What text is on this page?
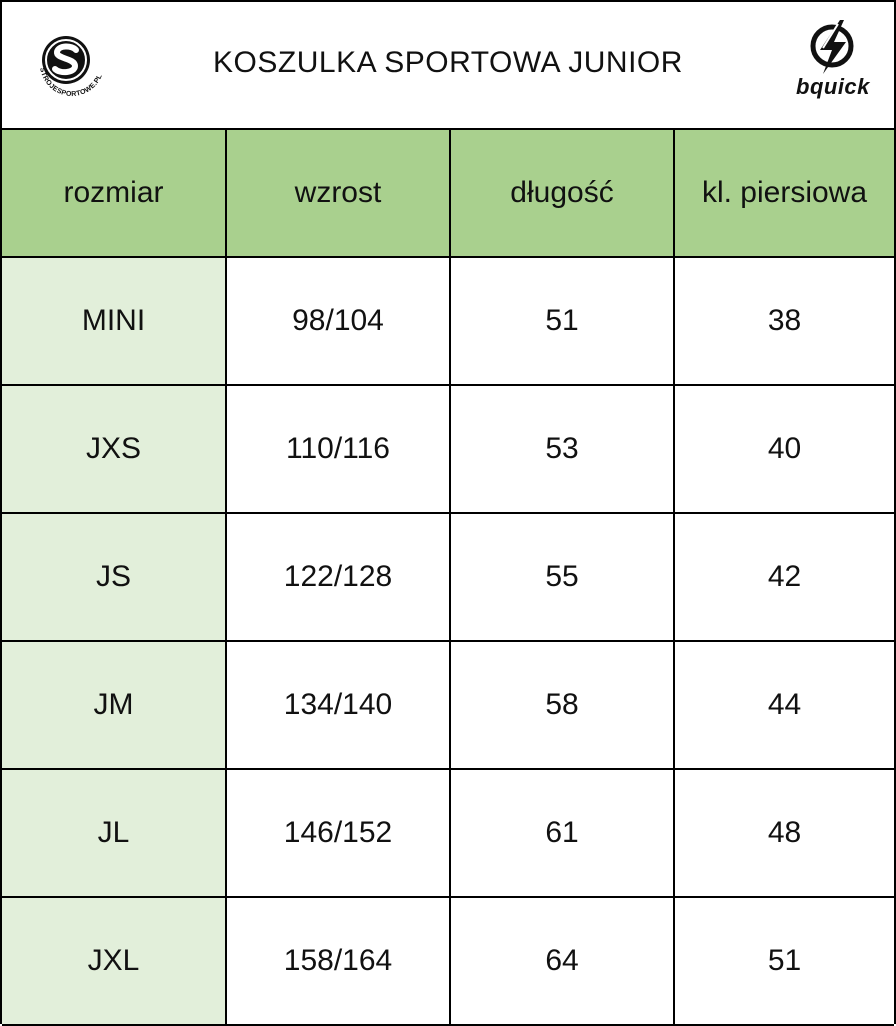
STROJESPORTOWE.PL	KOSZULKA SPORTOWA JUNIOR
bquick
rozmiar	wzrost	długość	kl. piersiowa
MINI	98/104	51	38
JXS	110/116	53	40
JS	122/128	55	42
JM	134/140	58	44
JL	146/152	61	48
JXL	158/164	64	51
